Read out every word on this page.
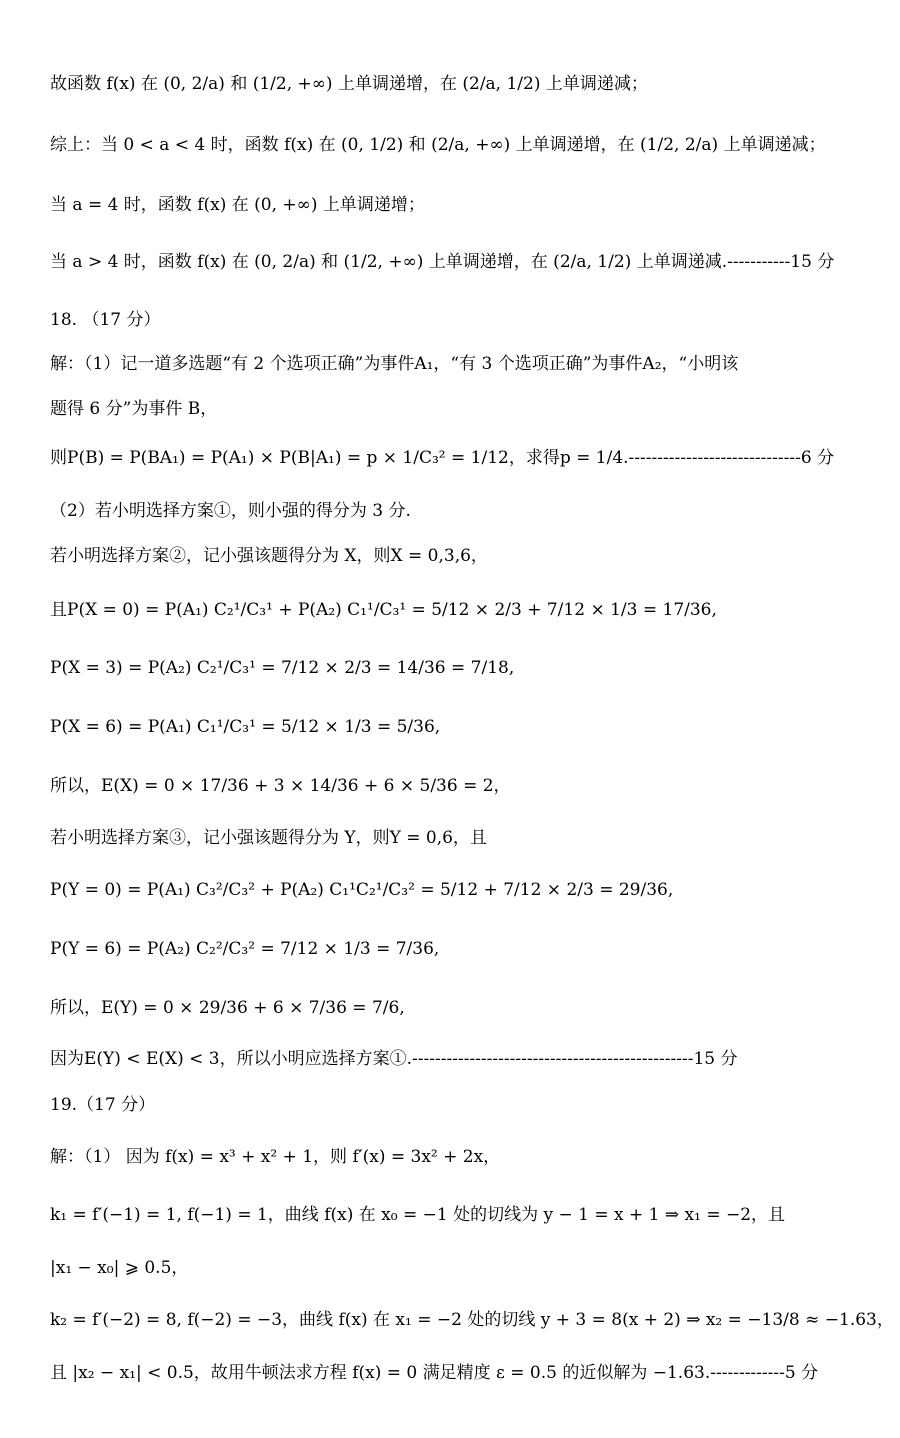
故函数 f(x) 在 (0, 2/a) 和 (1/2, +∞) 上单调递增，在 (2/a, 1/2) 上单调递减；
综上：当 0 < a < 4 时，函数 f(x) 在 (0, 1/2) 和 (2/a, +∞) 上单调递增，在 (1/2, 2/a) 上单调递减；
当 a = 4 时，函数 f(x) 在 (0, +∞) 上单调递增；
当 a > 4 时，函数 f(x) 在 (0, 2/a) 和 (1/2, +∞) 上单调递增，在 (2/a, 1/2) 上单调递减.-----------15 分
18. （17 分）
解：（1）记一道多选题“有 2 个选项正确”为事件A₁，“有 3 个选项正确”为事件A₂，“小明该
题得 6 分”为事件 B，
则P(B) = P(BA₁) = P(A₁) × P(B|A₁) = p × 1/C₃² = 1/12，求得p = 1/4.------------------------------6 分
（2）若小明选择方案①，则小强的得分为 3 分.
若小明选择方案②，记小强该题得分为 X，则X = 0,3,6，
且P(X = 0) = P(A₁) C₂¹/C₃¹ + P(A₂) C₁¹/C₃¹ = 5/12 × 2/3 + 7/12 × 1/3 = 17/36,
P(X = 3) = P(A₂) C₂¹/C₃¹ = 7/12 × 2/3 = 14/36 = 7/18,
P(X = 6) = P(A₁) C₁¹/C₃¹ = 5/12 × 1/3 = 5/36,
所以，E(X) = 0 × 17/36 + 3 × 14/36 + 6 × 5/36 = 2，
若小明选择方案③，记小强该题得分为 Y，则Y = 0,6，且
P(Y = 0) = P(A₁) C₃²/C₃² + P(A₂) C₁¹C₂¹/C₃² = 5/12 + 7/12 × 2/3 = 29/36,
P(Y = 6) = P(A₂) C₂²/C₃² = 7/12 × 1/3 = 7/36,
所以，E(Y) = 0 × 29/36 + 6 × 7/36 = 7/6,
因为E(Y) < E(X) < 3，所以小明应选择方案①.-------------------------------------------------15 分
19.（17 分）
解：（1） 因为 f(x) = x³ + x² + 1，则 f′(x) = 3x² + 2x，
k₁ = f′(−1) = 1, f(−1) = 1，曲线 f(x) 在 x₀ = −1 处的切线为 y − 1 = x + 1 ⇒ x₁ = −2，且
|x₁ − x₀| ⩾ 0.5，
k₂ = f′(−2) = 8, f(−2) = −3，曲线 f(x) 在 x₁ = −2 处的切线 y + 3 = 8(x + 2) ⇒ x₂ = −13/8 ≈ −1.63，
且 |x₂ − x₁| < 0.5，故用牛顿法求方程 f(x) = 0 满足精度 ε = 0.5 的近似解为 −1.63.-------------5 分
